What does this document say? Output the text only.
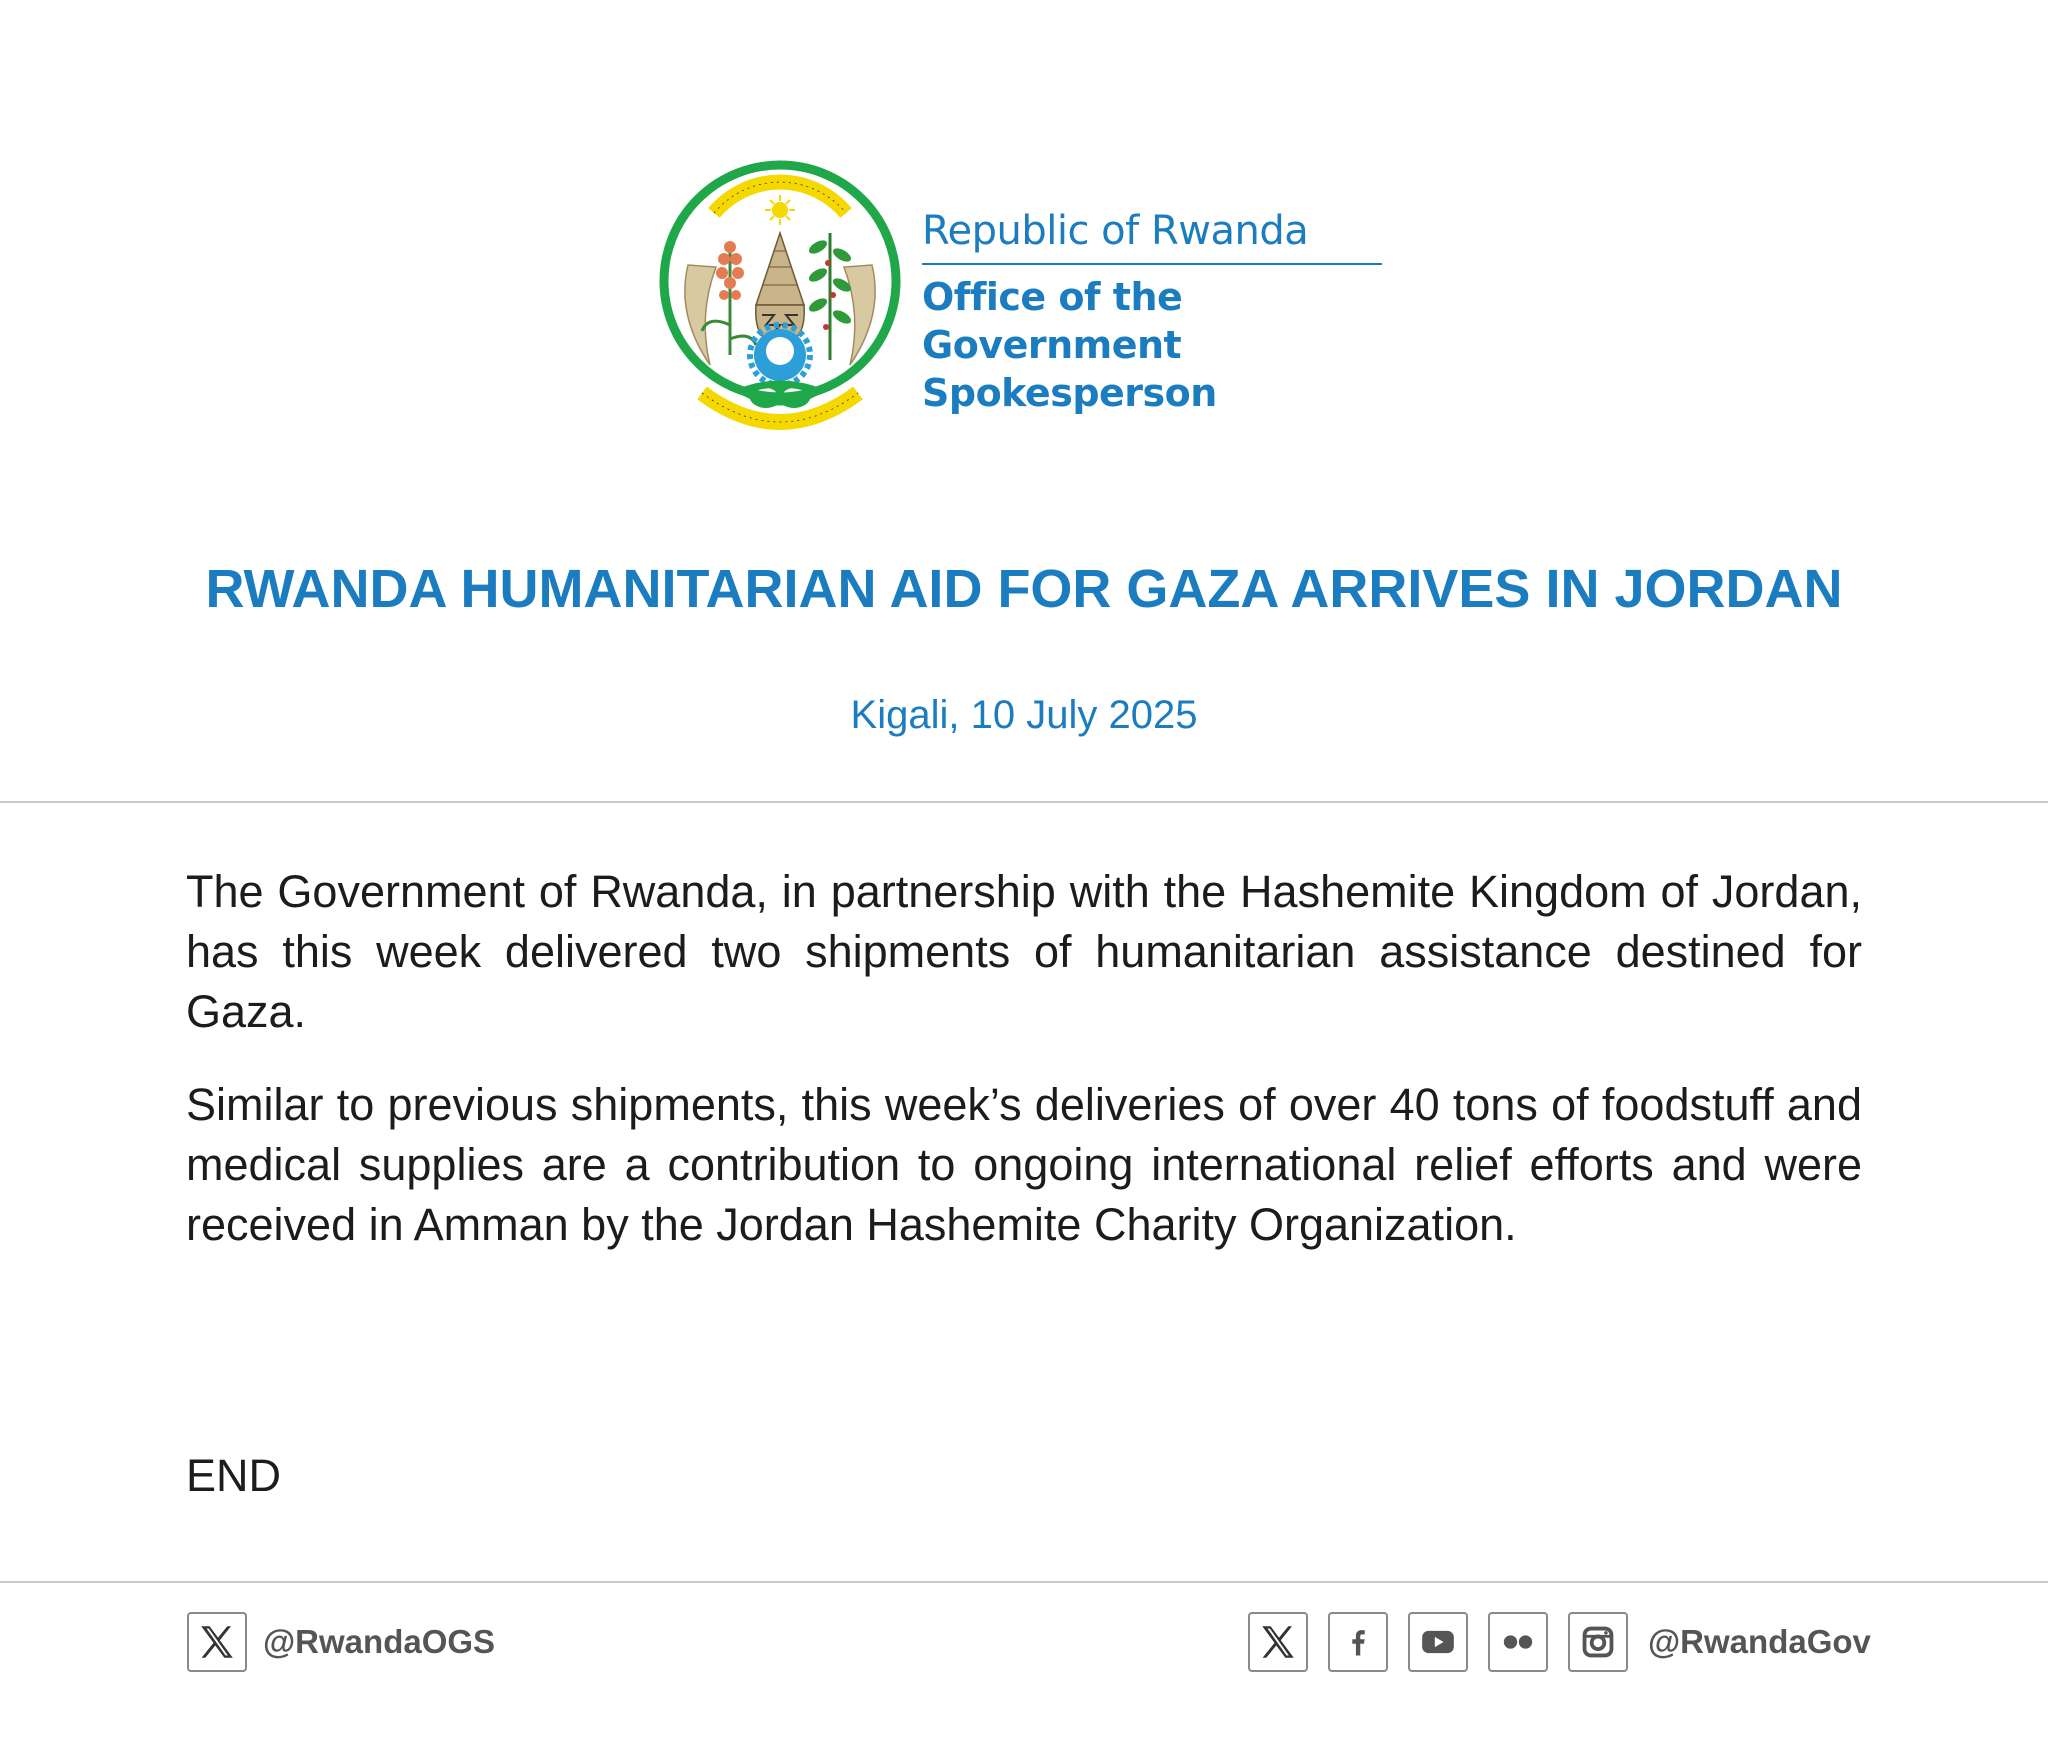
Republic of Rwanda
Office of the Government
Spokesperson
RWANDA HUMANITARIAN AID FOR GAZA ARRIVES IN JORDAN
Kigali, 10 July 2025

The Government of Rwanda, in partnership with the Hashemite Kingdom of Jordan, has this week delivered two shipments of humanitarian assistance destined for Gaza.

Similar to previous shipments, this week’s deliveries of over 40 tons of foodstuff and medical supplies are a contribution to ongoing international relief efforts and were received in Amman by the Jordan Hashemite Charity Organization.

END
@RwandaOGS	@RwandaGov
